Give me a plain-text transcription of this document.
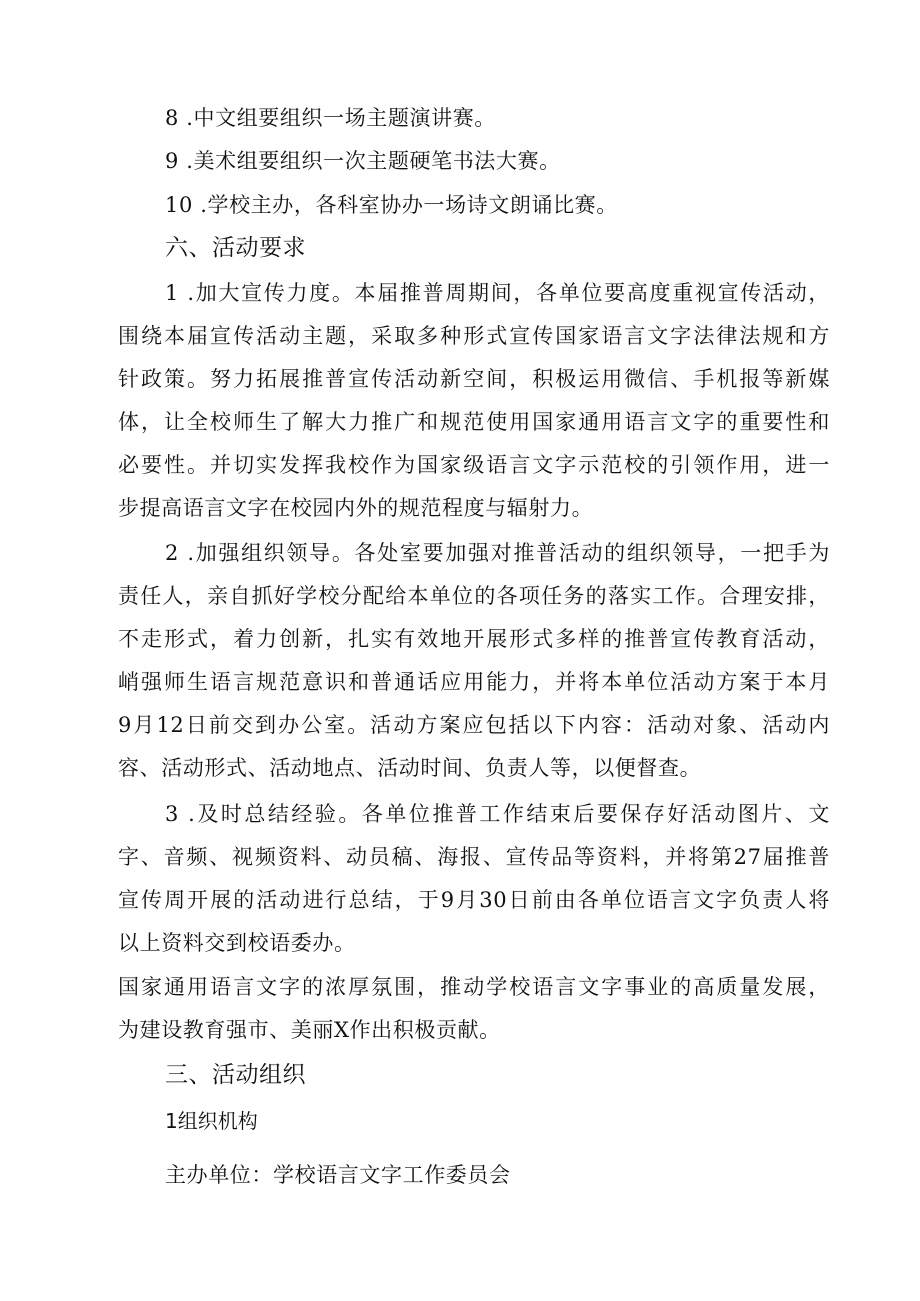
8 .中文组要组织一场主题演讲赛。
9 .美术组要组织一次主题硬笔书法大赛。
10 .学校主办，各科室协办一场诗文朗诵比赛。
六、活动要求
1 .加大宣传力度。本届推普周期间，各单位要高度重视宣传活动，
围绕本届宣传活动主题，采取多种形式宣传国家语言文字法律法规和方
针政策。努力拓展推普宣传活动新空间，积极运用微信、手机报等新媒
体，让全校师生了解大力推广和规范使用国家通用语言文字的重要性和
必要性。并切实发挥我校作为国家级语言文字示范校的引领作用，进一
步提高语言文字在校园内外的规范程度与辐射力。
2 .加强组织领导。各处室要加强对推普活动的组织领导，一把手为
责任人，亲自抓好学校分配给本单位的各项任务的落实工作。合理安排，
不走形式，着力创新，扎实有效地开展形式多样的推普宣传教育活动，
峭强师生语言规范意识和普通话应用能力，并将本单位活动方案于本月
9月12日前交到办公室。活动方案应包括以下内容：活动对象、活动内
容、活动形式、活动地点、活动时间、负责人等，以便督查。
3 .及时总结经验。各单位推普工作结束后要保存好活动图片、文
字、音频、视频资料、动员稿、海报、宣传品等资料，并将第27届推普
宣传周开展的活动进行总结，于9月30日前由各单位语言文字负责人将
以上资料交到校语委办。
国家通用语言文字的浓厚氛围，推动学校语言文字事业的高质量发展，
为建设教育强市、美丽X作出积极贡献。
三、活动组织
1组织机构
主办单位：学校语言文字工作委员会
